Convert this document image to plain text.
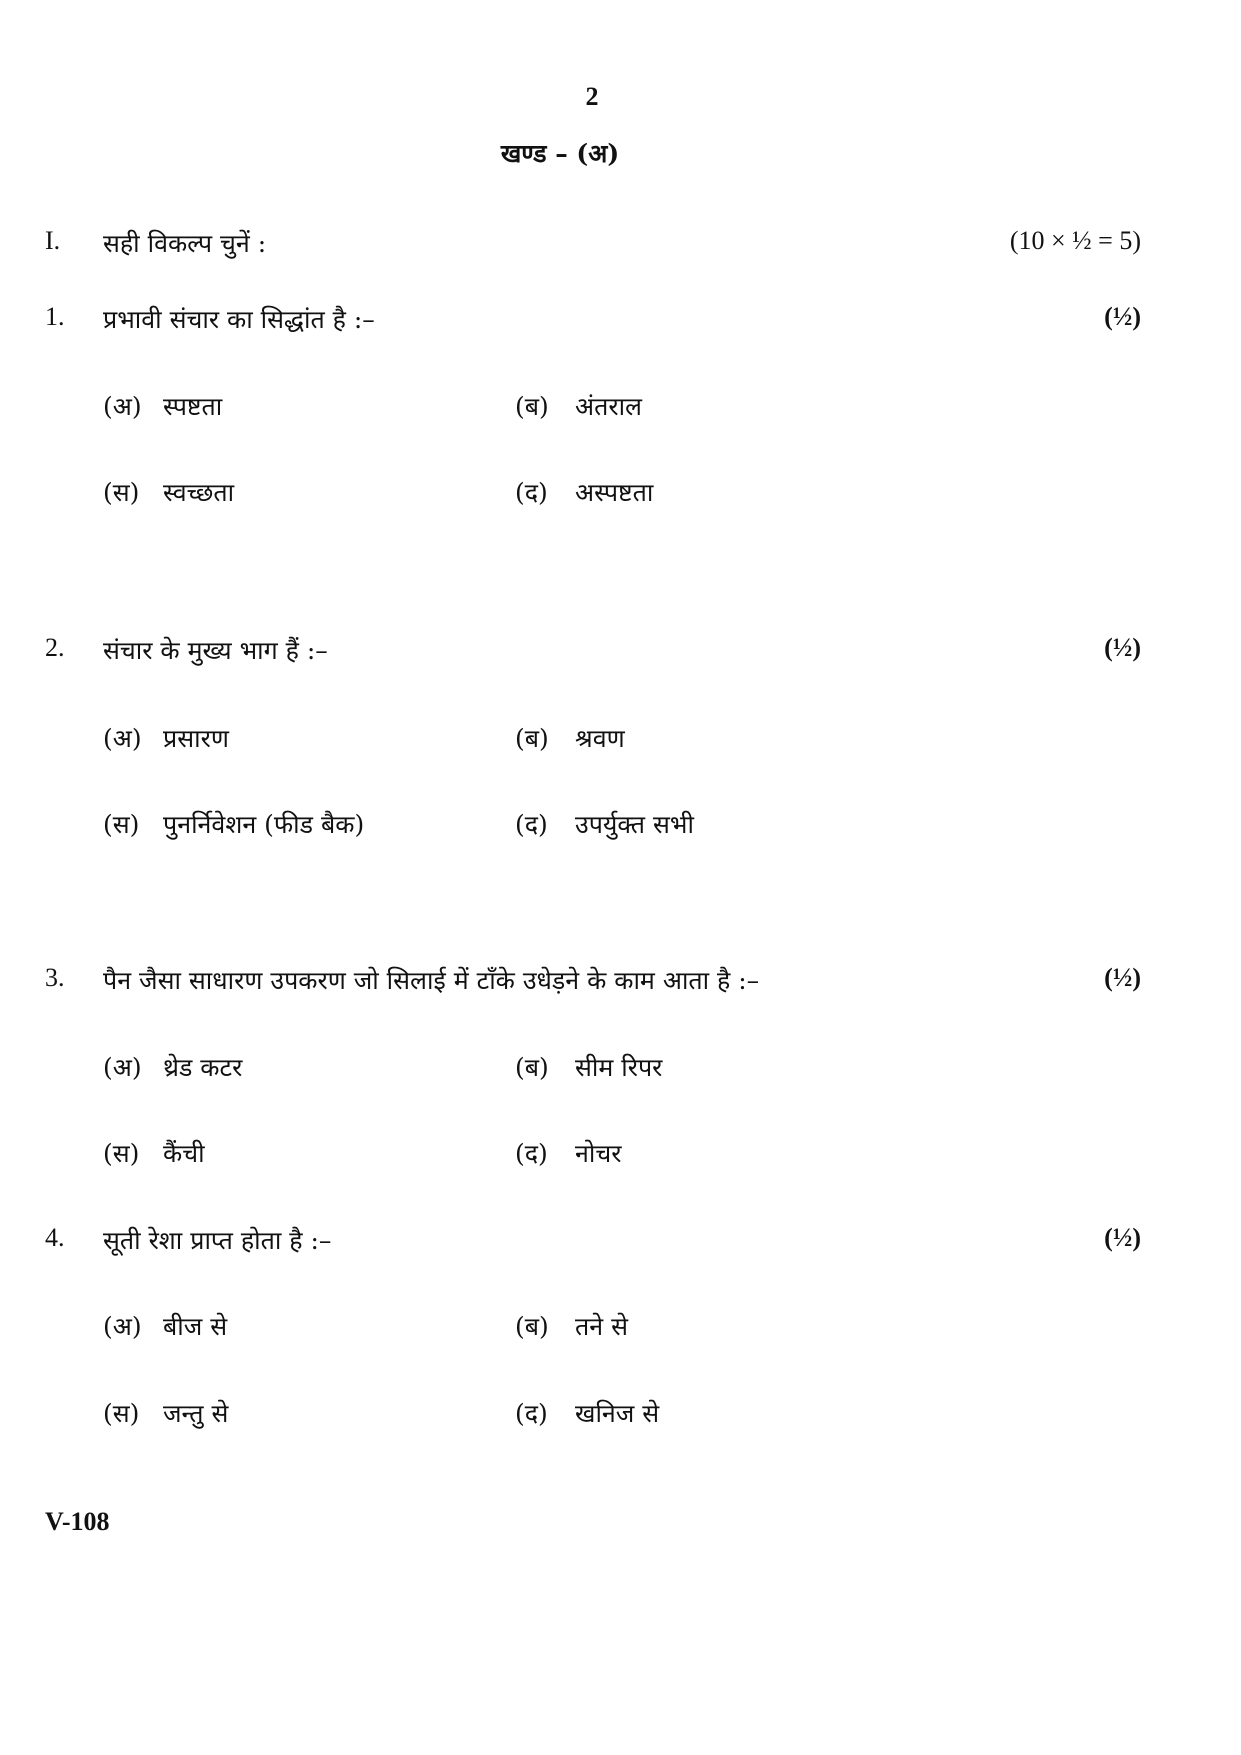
2
खण्ड – (अ)
I. सही विकल्प चुनें :	(10 × ½ = 5)
1. प्रभावी संचार का सिद्धांत है :–	(½)
(अ) स्पष्टता	(ब) अंतराल
(स) स्वच्छता	(द) अस्पष्टता
2. संचार के मुख्य भाग हैं :–	(½)
(अ) प्रसारण	(ब) श्रवण
(स) पुनर्निवेशन (फीड बैक)	(द) उपर्युक्त सभी
3. पैन जैसा साधारण उपकरण जो सिलाई में टाँके उधेड़ने के काम आता है :–	(½)
(अ) थ्रेड कटर	(ब) सीम रिपर
(स) कैंची	(द) नोचर
4. सूती रेशा प्राप्त होता है :–	(½)
(अ) बीज से	(ब) तने से
(स) जन्तु से	(द) खनिज से
V-108
